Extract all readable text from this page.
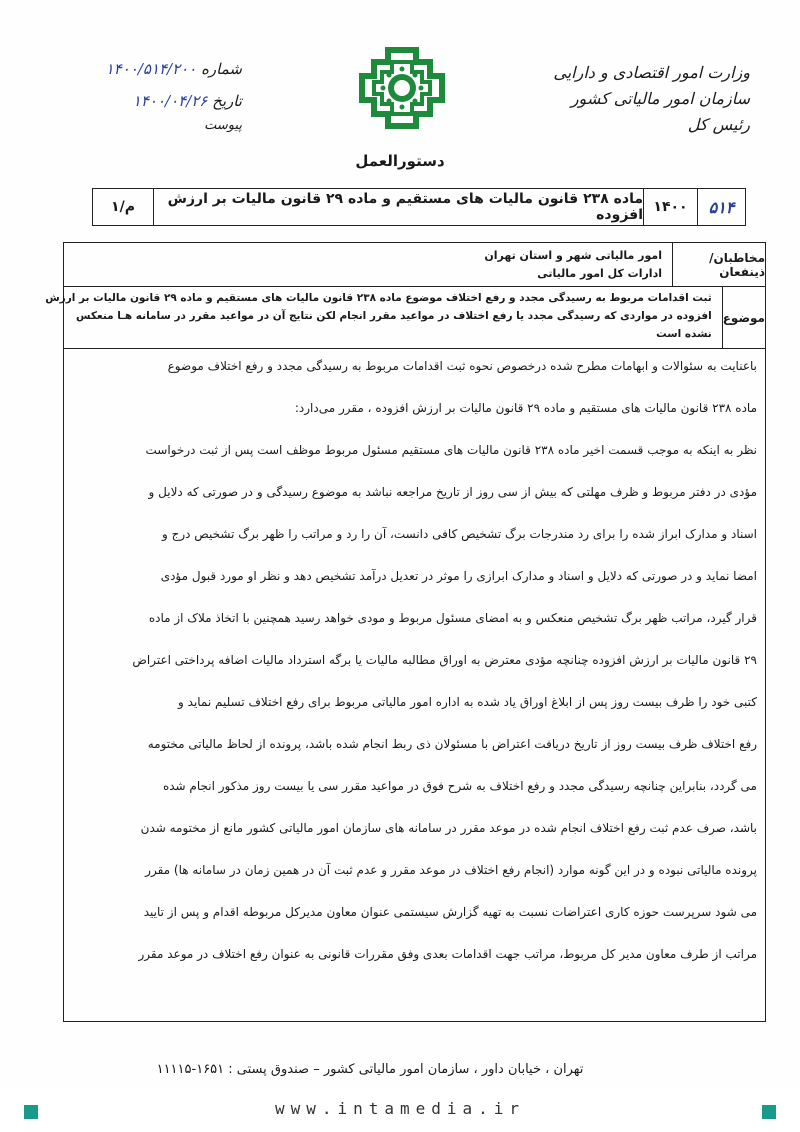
شماره ۱۴۰۰/۵۱۴/۲۰۰
تاریخ ۱۴۰۰/۰۴/۲۶
پیوست
وزارت امور اقتصادی و دارایی
سازمان امور مالیاتی کشور
رئیس کل
دستورالعمل
۵۱۴
۱۴۰۰
ماده ۲۳۸ قانون مالیات های مستقیم و ماده ۲۹ قانون مالیات بر ارزش افزوده
م/۱
مخاطبان/ذینفعان
امور مالیاتی شهر و استان تهران
ادارات کل امور مالیاتی
موضوع
ثبت اقدامات مربوط به رسیدگی مجدد و رفع اختلاف موضوع ماده ۲۳۸ قانون مالیات های مستقیم و ماده ۲۹ قانون مالیات بر ارزش
افزوده در مواردی که رسیدگی مجدد یا رفع اختلاف در مواعید مقرر انجام لکن نتایج آن در مواعید مقرر در سامانه هـا منعکس
نشده است
باعنایت به سئوالات و ابهامات مطرح شده درخصوص نحوه ثبت اقدامات مربوط به رسیدگی مجدد و رفع اختلاف موضوع
ماده ۲۳۸ قانون مالیات های مستقیم و ماده ۲۹ قانون مالیات بر ارزش افزوده ، مقرر می‌دارد:
نظر به اینکه به موجب قسمت اخیر ماده ۲۳۸ قانون مالیات های مستقیم مسئول مربوط موظف است پس از ثبت درخواست
مؤدی در دفتر مربوط و ظرف مهلتی که بیش از سی روز از تاریخ مراجعه نباشد به موضوع رسیدگی و در صورتی که دلایل و
اسناد و مدارک ابراز شده را برای رد مندرجات برگ تشخیص کافی دانست، آن را رد و مراتب را ظهر برگ تشخیص درج و
امضا نماید و در صورتی که دلایل و اسناد و مدارک ابرازی را موثر در تعدیل درآمد تشخیص دهد و نظر او مورد قبول مؤدی
قرار گیرد، مراتب ظهر برگ تشخیص منعکس و به امضای مسئول مربوط و مودی خواهد رسید همچنین با اتخاذ ملاک از ماده
۲۹ قانون مالیات بر ارزش افزوده چنانچه مؤدی معترض به اوراق مطالبه مالیات یا برگه استرداد مالیات اضافه پرداختی اعتراض
کتبی خود را ظرف بیست روز پس از ابلاغ اوراق یاد شده به اداره امور مالیاتی مربوط برای رفع اختلاف تسلیم نماید و
رفع اختلاف ظرف بیست روز از تاریخ دریافت اعتراض با مسئولان ذی ربط انجام شده باشد، پرونده از لحاظ مالیاتی مختومه
می گردد، بنابراین چنانچه رسیدگی مجدد و رفع اختلاف به شرح فوق در مواعید مقرر سی یا بیست روز مذکور انجام شده
باشد، صرف عدم ثبت رفع اختلاف انجام شده در موعد مقرر در سامانه های سازمان امور مالیاتی کشور مانع از مختومه شدن
پرونده مالیاتی نبوده و در این گونه موارد (انجام رفع اختلاف در موعد مقرر و عدم ثبت آن در همین زمان در سامانه ها) مقرر
می شود سرپرست حوزه کاری اعتراضات نسبت به تهیه گزارش سیستمی عنوان معاون مدیرکل مربوطه اقدام و پس از تایید
مراتب از طرف معاون مدیر کل مربوط، مراتب جهت اقدامات بعدی وفق مقررات قانونی به عنوان رفع اختلاف در موعد مقرر
تهران ، خیابان داور ، سازمان امور مالیاتی کشور – صندوق پستی : ۱۶۵۱-۱۱۱۱۵
www.intamedia.ir
